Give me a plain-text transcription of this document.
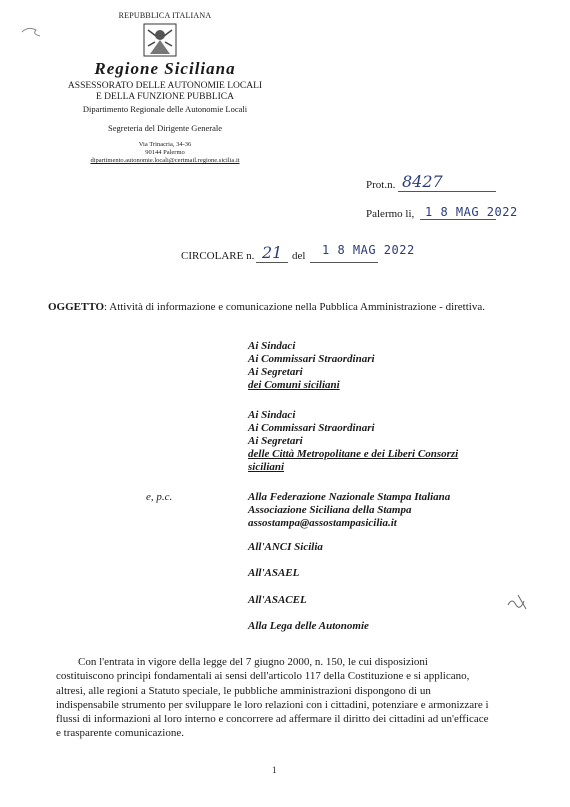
REPUBBLICA ITALIANA
Regione Siciliana
ASSESSORATO DELLE AUTONOMIE LOCALI
E DELLA FUNZIONE PUBBLICA
Dipartimento Regionale delle Autonomie Locali
Segreteria del Dirigente Generale
Via Trinacria, 34-36
90144 Palermo
dipartimento.autonomie.locali@certmail.regione.sicilia.it
Prot.n. 8427
Palermo li, 1 8 MAG 2022
CIRCOLARE n. 21 del 1 8 MAG 2022
OGGETTO: Attività di informazione e comunicazione nella Pubblica Amministrazione - direttiva.
Ai Sindaci
Ai Commissari Straordinari
Ai Segretari
dei Comuni siciliani
Ai Sindaci
Ai Commissari Straordinari
Ai Segretari
delle Città Metropolitane e dei Liberi Consorzi
siciliani
e, p.c.	Alla Federazione Nazionale Stampa Italiana
Associazione Siciliana della Stampa
assostampa@assostampasicilia.it
All'ANCI Sicilia
All'ASAEL
All'ASACEL
Alla Lega delle Autonomie
Con l'entrata in vigore della legge del 7 giugno 2000, n. 150, le cui disposizioni
costituiscono principi fondamentali ai sensi dell'articolo 117 della Costituzione e si applicano,
altresì, alle regioni a Statuto speciale, le pubbliche amministrazioni dispongono di un
indispensabile strumento per sviluppare le loro relazioni con i cittadini, potenziare e armonizzare i
flussi di informazioni al loro interno e concorrere ad affermare il diritto dei cittadini ad un'efficace
e trasparente comunicazione.
1
